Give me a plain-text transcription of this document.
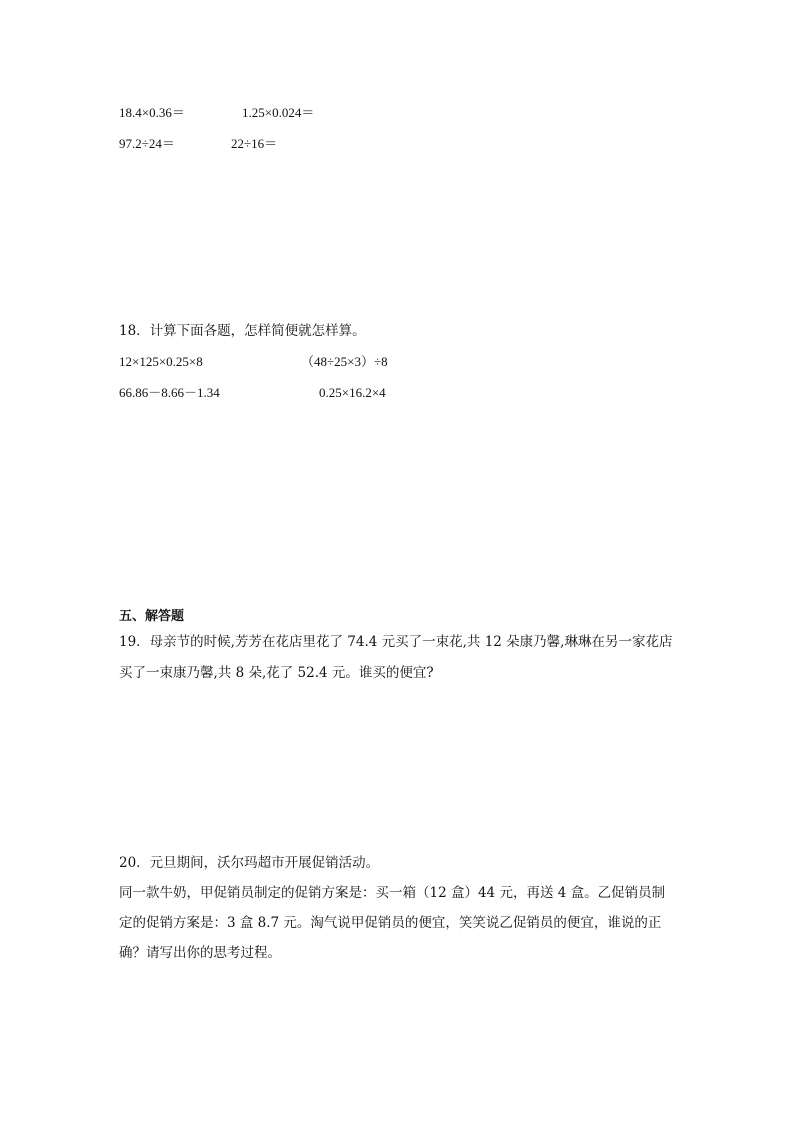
18.4×0.36＝	1.25×0.024＝
97.2÷24＝	22÷16＝
18．计算下面各题，怎样简便就怎样算。
12×125×0.25×8	（48÷25×3）÷8
66.86－8.66－1.34	0.25×16.2×4
五、解答题
19．母亲节的时候,芳芳在花店里花了 74.4 元买了一束花,共 12 朵康乃馨,琳琳在另一家花店
买了一束康乃馨,共 8 朵,花了 52.4 元。谁买的便宜?
20．元旦期间，沃尔玛超市开展促销活动。
同一款牛奶，甲促销员制定的促销方案是：买一箱（12 盒）44 元，再送 4 盒。乙促销员制
定的促销方案是：3 盒 8.7 元。淘气说甲促销员的便宜，笑笑说乙促销员的便宜，谁说的正
确？请写出你的思考过程。
